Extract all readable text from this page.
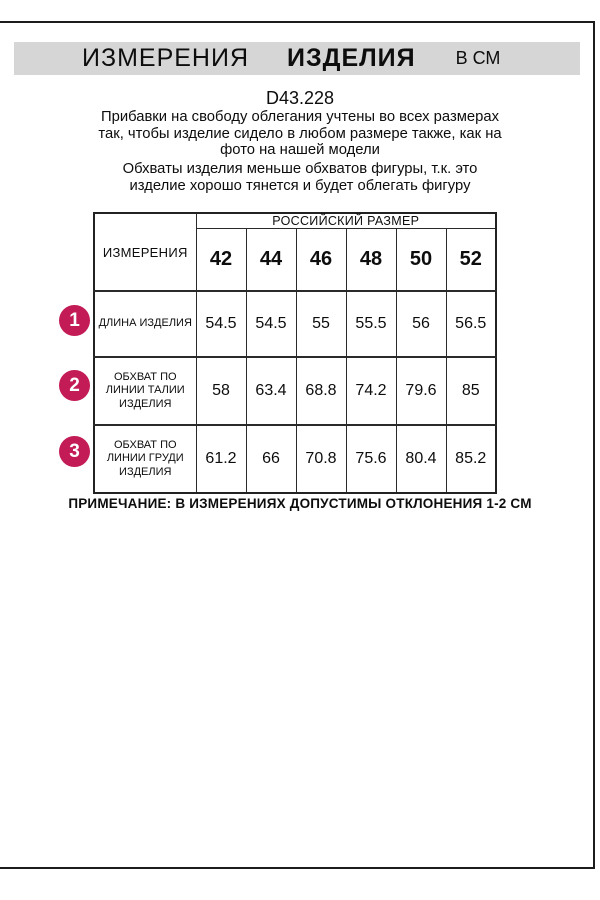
ИЗМЕРЕНИЯ ИЗДЕЛИЯ В СМ
D43.228

Прибавки на свободу облегания учтены во всех размерах так, чтобы изделие сидело в любом размере также, как на фото на нашей модели

Обхваты изделия меньше обхватов фигуры, т.к. это изделие хорошо тянется и будет облегать фигуру

1
2
3
ИЗМЕРЕНИЯ	РОССИЙСКИЙ РАЗМЕР					
	42	44	46	48	50	52
ДЛИНА ИЗДЕЛИЯ	54.5	54.5	55	55.5	56	56.5
ОБХВАТ ПО ЛИНИИ ТАЛИИ ИЗДЕЛИЯ	58	63.4	68.8	74.2	79.6	85
ОБХВАТ ПО ЛИНИИ ГРУДИ ИЗДЕЛИЯ	61.2	66	70.8	75.6	80.4	85.2
ПРИМЕЧАНИЕ: В ИЗМЕРЕНИЯХ ДОПУСТИМЫ ОТКЛОНЕНИЯ 1-2 СМ
